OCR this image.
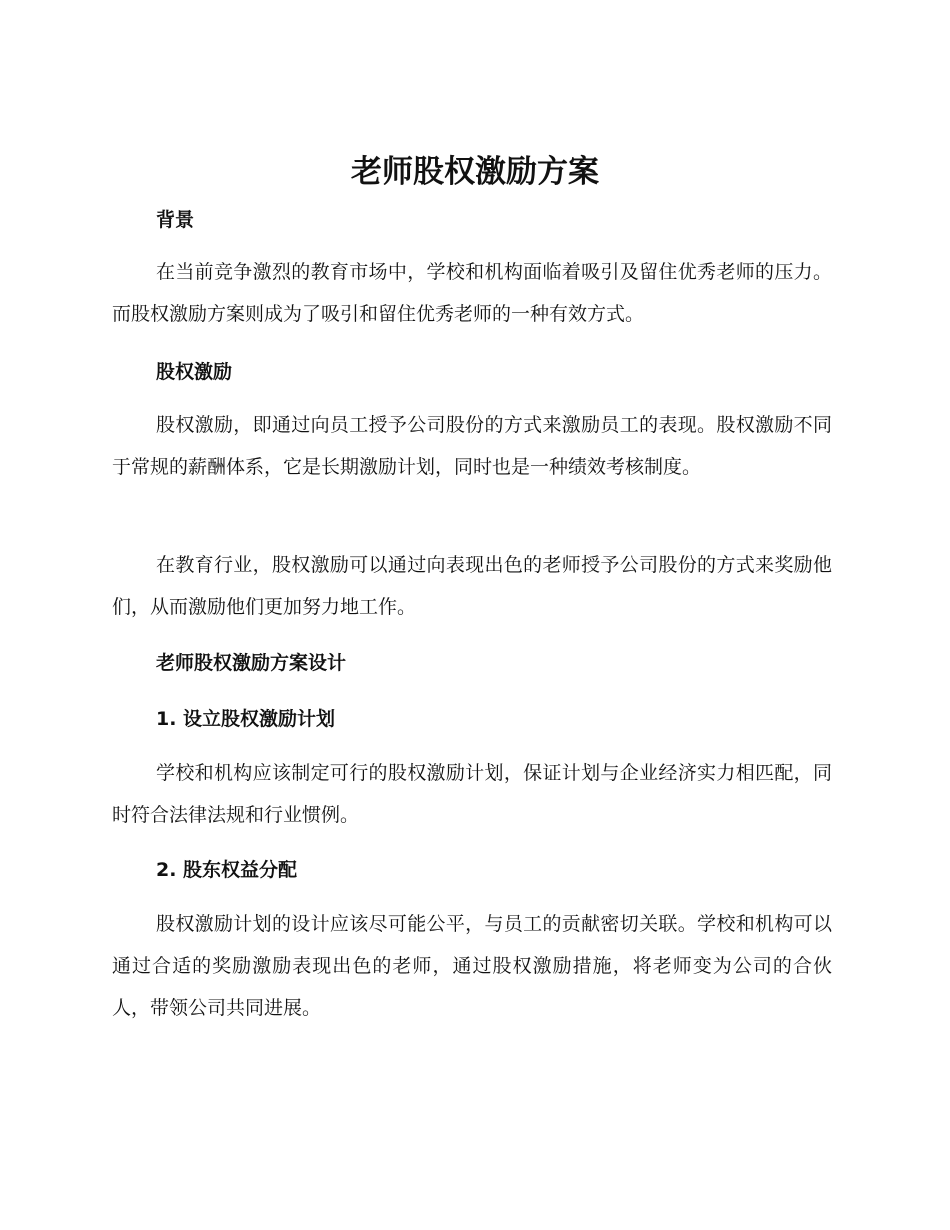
老师股权激励方案
背景

在当前竞争激烈的教育市场中，学校和机构面临着吸引及留住优秀老师的压力。而股权激励方案则成为了吸引和留住优秀老师的一种有效方式。

股权激励

股权激励，即通过向员工授予公司股份的方式来激励员工的表现。股权激励不同于常规的薪酬体系，它是长期激励计划，同时也是一种绩效考核制度。

在教育行业，股权激励可以通过向表现出色的老师授予公司股份的方式来奖励他们，从而激励他们更加努力地工作。

老师股权激励方案设计
1. 设立股权激励计划

学校和机构应该制定可行的股权激励计划，保证计划与企业经济实力相匹配，同时符合法律法规和行业惯例。

2. 股东权益分配

股权激励计划的设计应该尽可能公平，与员工的贡献密切关联。学校和机构可以通过合适的奖励激励表现出色的老师，通过股权激励措施，将老师变为公司的合伙人，带领公司共同进展。
